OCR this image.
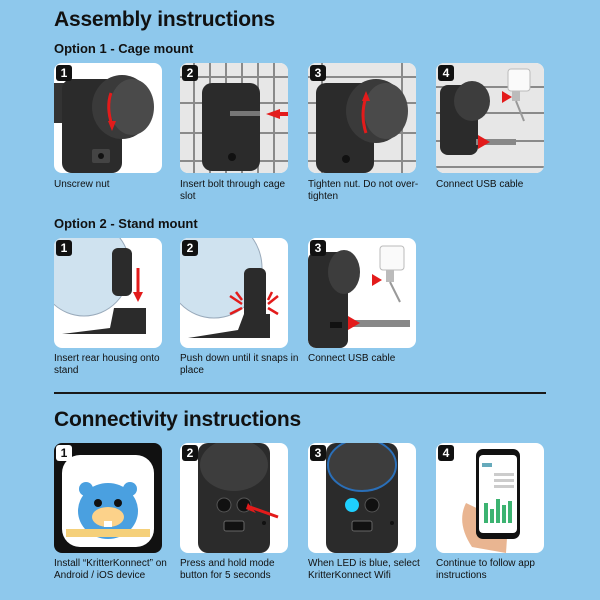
Assembly instructions
Option 1 - Cage mount
1
Unscrew nut
2
Insert bolt through cage slot
3
Tighten nut. Do not over-tighten
4
Connect USB cable
Option 2 - Stand mount
1
Insert rear housing onto stand
2
Push down until it snaps in place
3
Connect USB cable
Connectivity instructions
1
Install “KritterKonnect” on Android / iOS device
2
Press and hold mode button for 5 seconds
3
When LED is blue, select KritterKonnect Wifi
4
Continue to follow app instructions
